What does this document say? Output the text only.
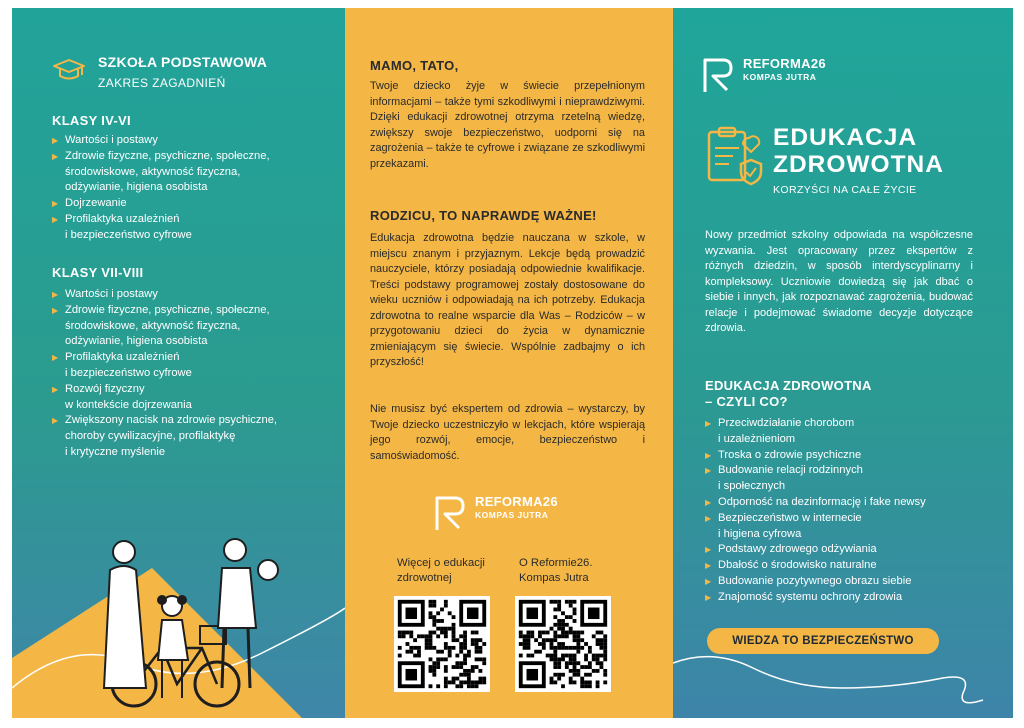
SZKOŁA PODSTAWOWA
ZAKRES ZAGADNIEŃ
KLASY IV-VI
▶ Wartości i postawy
▶ Zdrowie fizyczne, psychiczne, społeczne,
środowiskowe, aktywność fizyczna,
odżywianie, higiena osobista
▶ Dojrzewanie
▶ Profilaktyka uzależnień
i bezpieczeństwo cyfrowe
KLASY VII-VIII
▶ Wartości i postawy
▶ Zdrowie fizyczne, psychiczne, społeczne,
środowiskowe, aktywność fizyczna,
odżywianie, higiena osobista
▶ Profilaktyka uzależnień
i bezpieczeństwo cyfrowe
▶ Rozwój fizyczny
w kontekście dojrzewania
▶ Zwiększony nacisk na zdrowie psychiczne,
choroby cywilizacyjne, profilaktykę
i krytyczne myślenie
MAMO, TATO,

Twoje dziecko żyje w świecie przepełnionym informacjami – także tymi szkodliwymi i nieprawdziwymi. Dzięki edukacji zdrowotnej otrzyma rzetelną wiedzę, zwiększy swoje bezpieczeństwo, uodporni się na zagrożenia – także te cyfrowe i związane ze szkodliwymi przekazami.

RODZICU, TO NAPRAWDĘ WAŻNE!

Edukacja zdrowotna będzie nauczana w szkole, w miejscu znanym i przyjaznym. Lekcje będą prowadzić nauczyciele, którzy posiadają odpowiednie kwalifikacje. Treści podstawy programowej zostały dostosowane do wieku uczniów i odpowiadają na ich potrzeby. Edukacja zdrowotna to realne wsparcie dla Was – Rodziców – w przygotowaniu dzieci do życia w dynamicznie zmieniającym się świecie. Wspólnie zadbajmy o ich przyszłość!

Nie musisz być ekspertem od zdrowia – wystarczy, by Twoje dziecko uczestniczyło w lekcjach, które wspierają jego rozwój, emocje, bezpieczeństwo i samoświadomość.

REFORMA26
KOMPAS JUTRA
Więcej o edukacji
zdrowotnej
O Reformie26.
Kompas Jutra
REFORMA26
KOMPAS JUTRA
EDUKACJA
ZDROWOTNA
KORZYŚCI NA CAŁE ŻYCIE

Nowy przedmiot szkolny odpowiada na współczesne wyzwania. Jest opracowany przez ekspertów z różnych dziedzin, w sposób interdyscyplinarny i kompleksowy. Uczniowie dowiedzą się jak dbać o siebie i innych, jak rozpoznawać zagrożenia, budować relacje i podejmować świadome decyzje dotyczące zdrowia.

EDUKACJA ZDROWOTNA
– CZYLI CO?
▶ Przeciwdziałanie chorobom
i uzależnieniom
▶ Troska o zdrowie psychiczne
▶ Budowanie relacji rodzinnych
i społecznych
▶ Odporność na dezinformację i fake newsy
▶ Bezpieczeństwo w internecie
i higiena cyfrowa
▶ Podstawy zdrowego odżywiania
▶ Dbałość o środowisko naturalne
▶ Budowanie pozytywnego obrazu siebie
▶ Znajomość systemu ochrony zdrowia
WIEDZA TO BEZPIECZEŃSTWO
